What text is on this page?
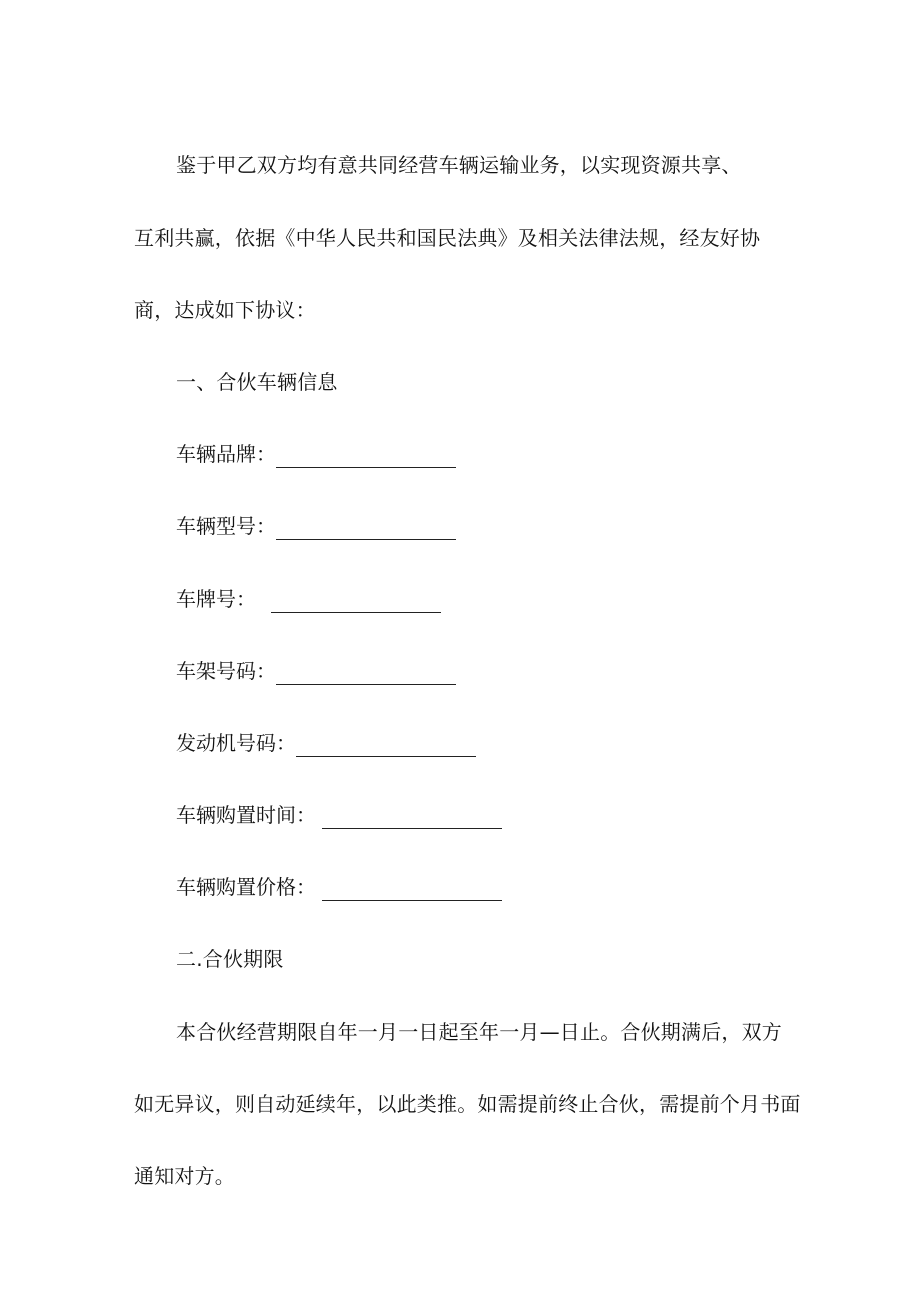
鉴于甲乙双方均有意共同经营车辆运输业务，以实现资源共享、
互利共赢，依据《中华人民共和国民法典》及相关法律法规，经友好协
商，达成如下协议：
一、合伙车辆信息
车辆品牌：
车辆型号：
车牌号：
车架号码：
发动机号码：
车辆购置时间：
车辆购置价格：
二.合伙期限
本合伙经营期限自年一月一日起至年一月—日止。合伙期满后，双方
如无异议，则自动延续年，以此类推。如需提前终止合伙，需提前个月书面
通知对方。
